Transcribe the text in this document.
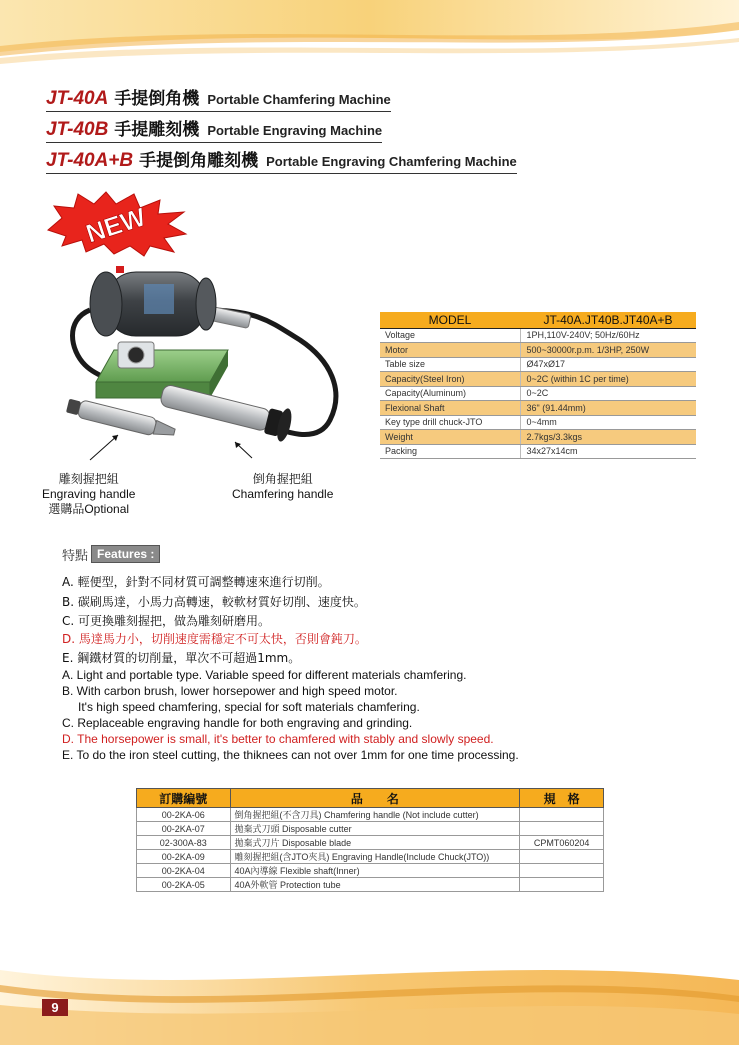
JT-40A 手提倒角機 Portable Chamfering Machine
JT-40B 手提雕刻機 Portable Engraving Machine
JT-40A+B 手提倒角雕刻機 Portable Engraving Chamfering Machine
NEW
雕刻握把組
Engraving handle
選購品Optional
倒角握把組
Chamfering handle
MODEL	JT-40A.JT40B.JT40A+B
Voltage	1PH,110V-240V; 50Hz/60Hz
Motor	500~30000r.p.m. 1/3HP, 250W
Table size	Ø47xØ17
Capacity(Steel Iron)	0~2C (within 1C per time)
Capacity(Aluminum)	0~2C
Flexional Shaft	36" (91.44mm)
Key type drill chuck-JTO	0~4mm
Weight	2.7kgs/3.3kgs
Packing	34x27x14cm
特點 Features :
A. 輕便型，針對不同材質可調整轉速來進行切削。
B. 碳刷馬達，小馬力高轉速，較軟材質好切削、速度快。
C. 可更換雕刻握把，做為雕刻研磨用。
D. 馬達馬力小，切削速度需穩定不可太快，否則會鈍刀。
E. 鋼鐵材質的切削量，單次不可超過1mm。
A. Light and portable type. Variable speed for different materials chamfering.
B. With carbon brush, lower horsepower and high speed motor.
It's high speed chamfering, special for soft materials chamfering.
C. Replaceable engraving handle for both engraving and grinding.
D. The horsepower is small, it's better to chamfered with stably and slowly speed.
E. To do the iron steel cutting, the thiknees can not over 1mm for one time processing.
訂購編號	品　　名	規　格
00-2KA-06	倒角握把組(不含刀具) Chamfering handle (Not include cutter)	
00-2KA-07	拋棄式刀頭 Disposable cutter	
02-300A-83	拋棄式刀片 Disposable blade	CPMT060204
00-2KA-09	雕刻握把組(含JTO夾具) Engraving Handle(Include Chuck(JTO))	
00-2KA-04	40A內導線 Flexible shaft(Inner)	
00-2KA-05	40A外軟管 Protection tube	
9
